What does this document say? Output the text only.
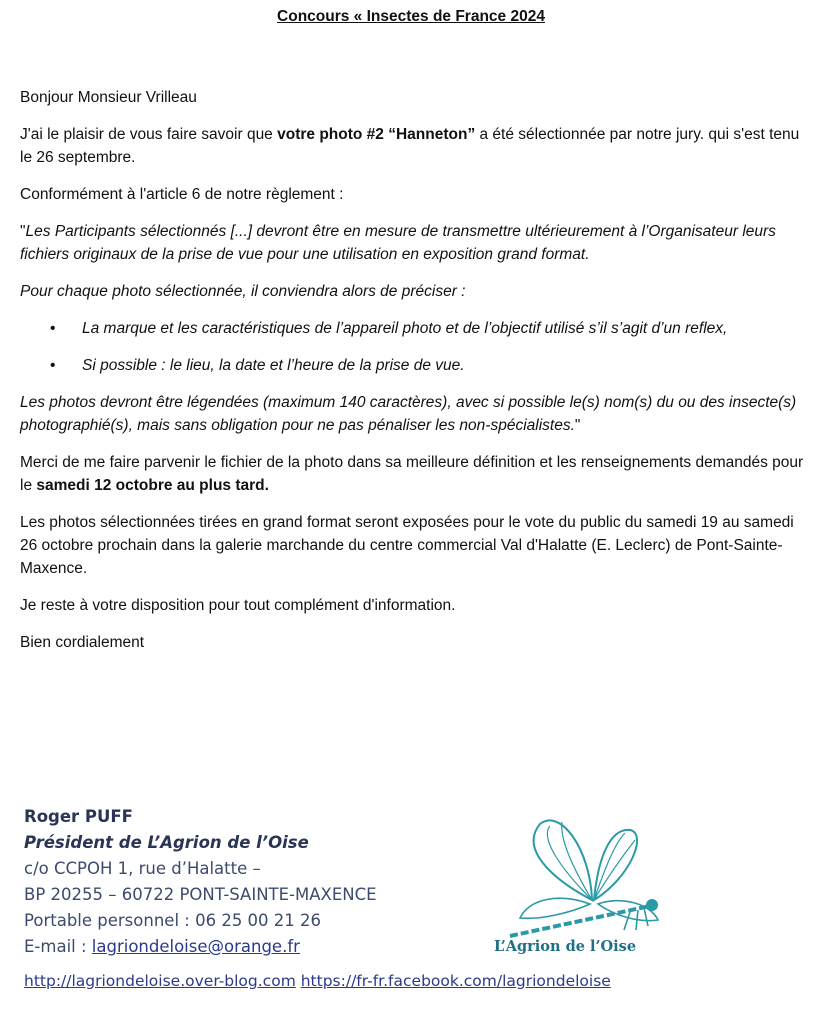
Concours « Insectes de France 2024

Bonjour Monsieur Vrilleau

J'ai le plaisir de vous faire savoir que votre photo #2 “Hanneton” a été sélectionnée par notre jury. qui s'est tenu le 26 septembre.

Conformément à l'article 6 de notre règlement :

"Les Participants sélectionnés [...] devront être en mesure de transmettre ultérieurement à l’Organisateur leurs fichiers originaux de la prise de vue pour une utilisation en exposition grand format.

Pour chaque photo sélectionnée, il conviendra alors de préciser :

• La marque et les caractéristiques de l’appareil photo et de l’objectif utilisé s’il s’agit d’un reflex,
• Si possible : le lieu, la date et l’heure de la prise de vue.

Les photos devront être légendées (maximum 140 caractères), avec si possible le(s) nom(s) du ou des insecte(s) photographié(s), mais sans obligation pour ne pas pénaliser les non-spécialistes."

Merci de me faire parvenir le fichier de la photo dans sa meilleure définition et les renseignements demandés pour le samedi 12 octobre au plus tard.

Les photos sélectionnées tirées en grand format seront exposées pour le vote du public du samedi 19 au samedi 26 octobre prochain dans la galerie marchande du centre commercial Val d'Halatte (E. Leclerc) de Pont-Sainte-Maxence.

Je reste à votre disposition pour tout complément d'information.

Bien cordialement

Roger PUFF
Président de L’Agrion de l’Oise
c/o CCPOH 1, rue d’Halatte –
BP 20255 – 60722 PONT-SAINTE-MAXENCE
Portable personnel : 06 25 00 21 26
E-mail : lagriondeloise@orange.fr
http://lagriondeloise.over-blog.com https://fr-fr.facebook.com/lagriondeloise
L’Agrion de l’Oise
